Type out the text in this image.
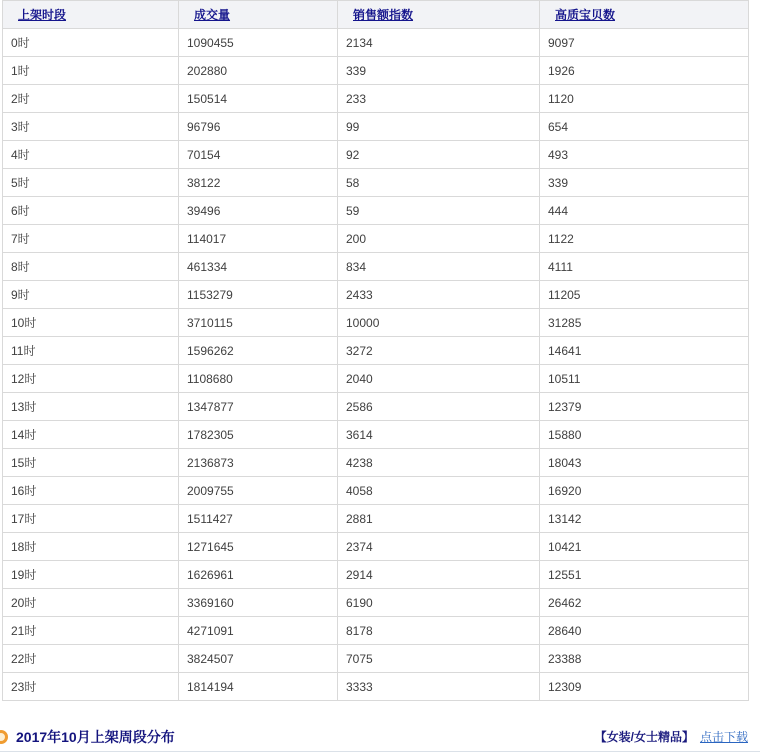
上架时段	成交量	销售额指数	高质宝贝数
0时	1090455	2134	9097
1时	202880	339	1926
2时	150514	233	1120
3时	96796	99	654
4时	70154	92	493
5时	38122	58	339
6时	39496	59	444
7时	114017	200	1122
8时	461334	834	4111
9时	1153279	2433	11205
10时	3710115	10000	31285
11时	1596262	3272	14641
12时	1108680	2040	10511
13时	1347877	2586	12379
14时	1782305	3614	15880
15时	2136873	4238	18043
16时	2009755	4058	16920
17时	1511427	2881	13142
18时	1271645	2374	10421
19时	1626961	2914	12551
20时	3369160	6190	26462
21时	4271091	8178	28640
22时	3824507	7075	23388
23时	1814194	3333	12309
2017年10月上架周段分布	【女装/女士精品】 点击下载
